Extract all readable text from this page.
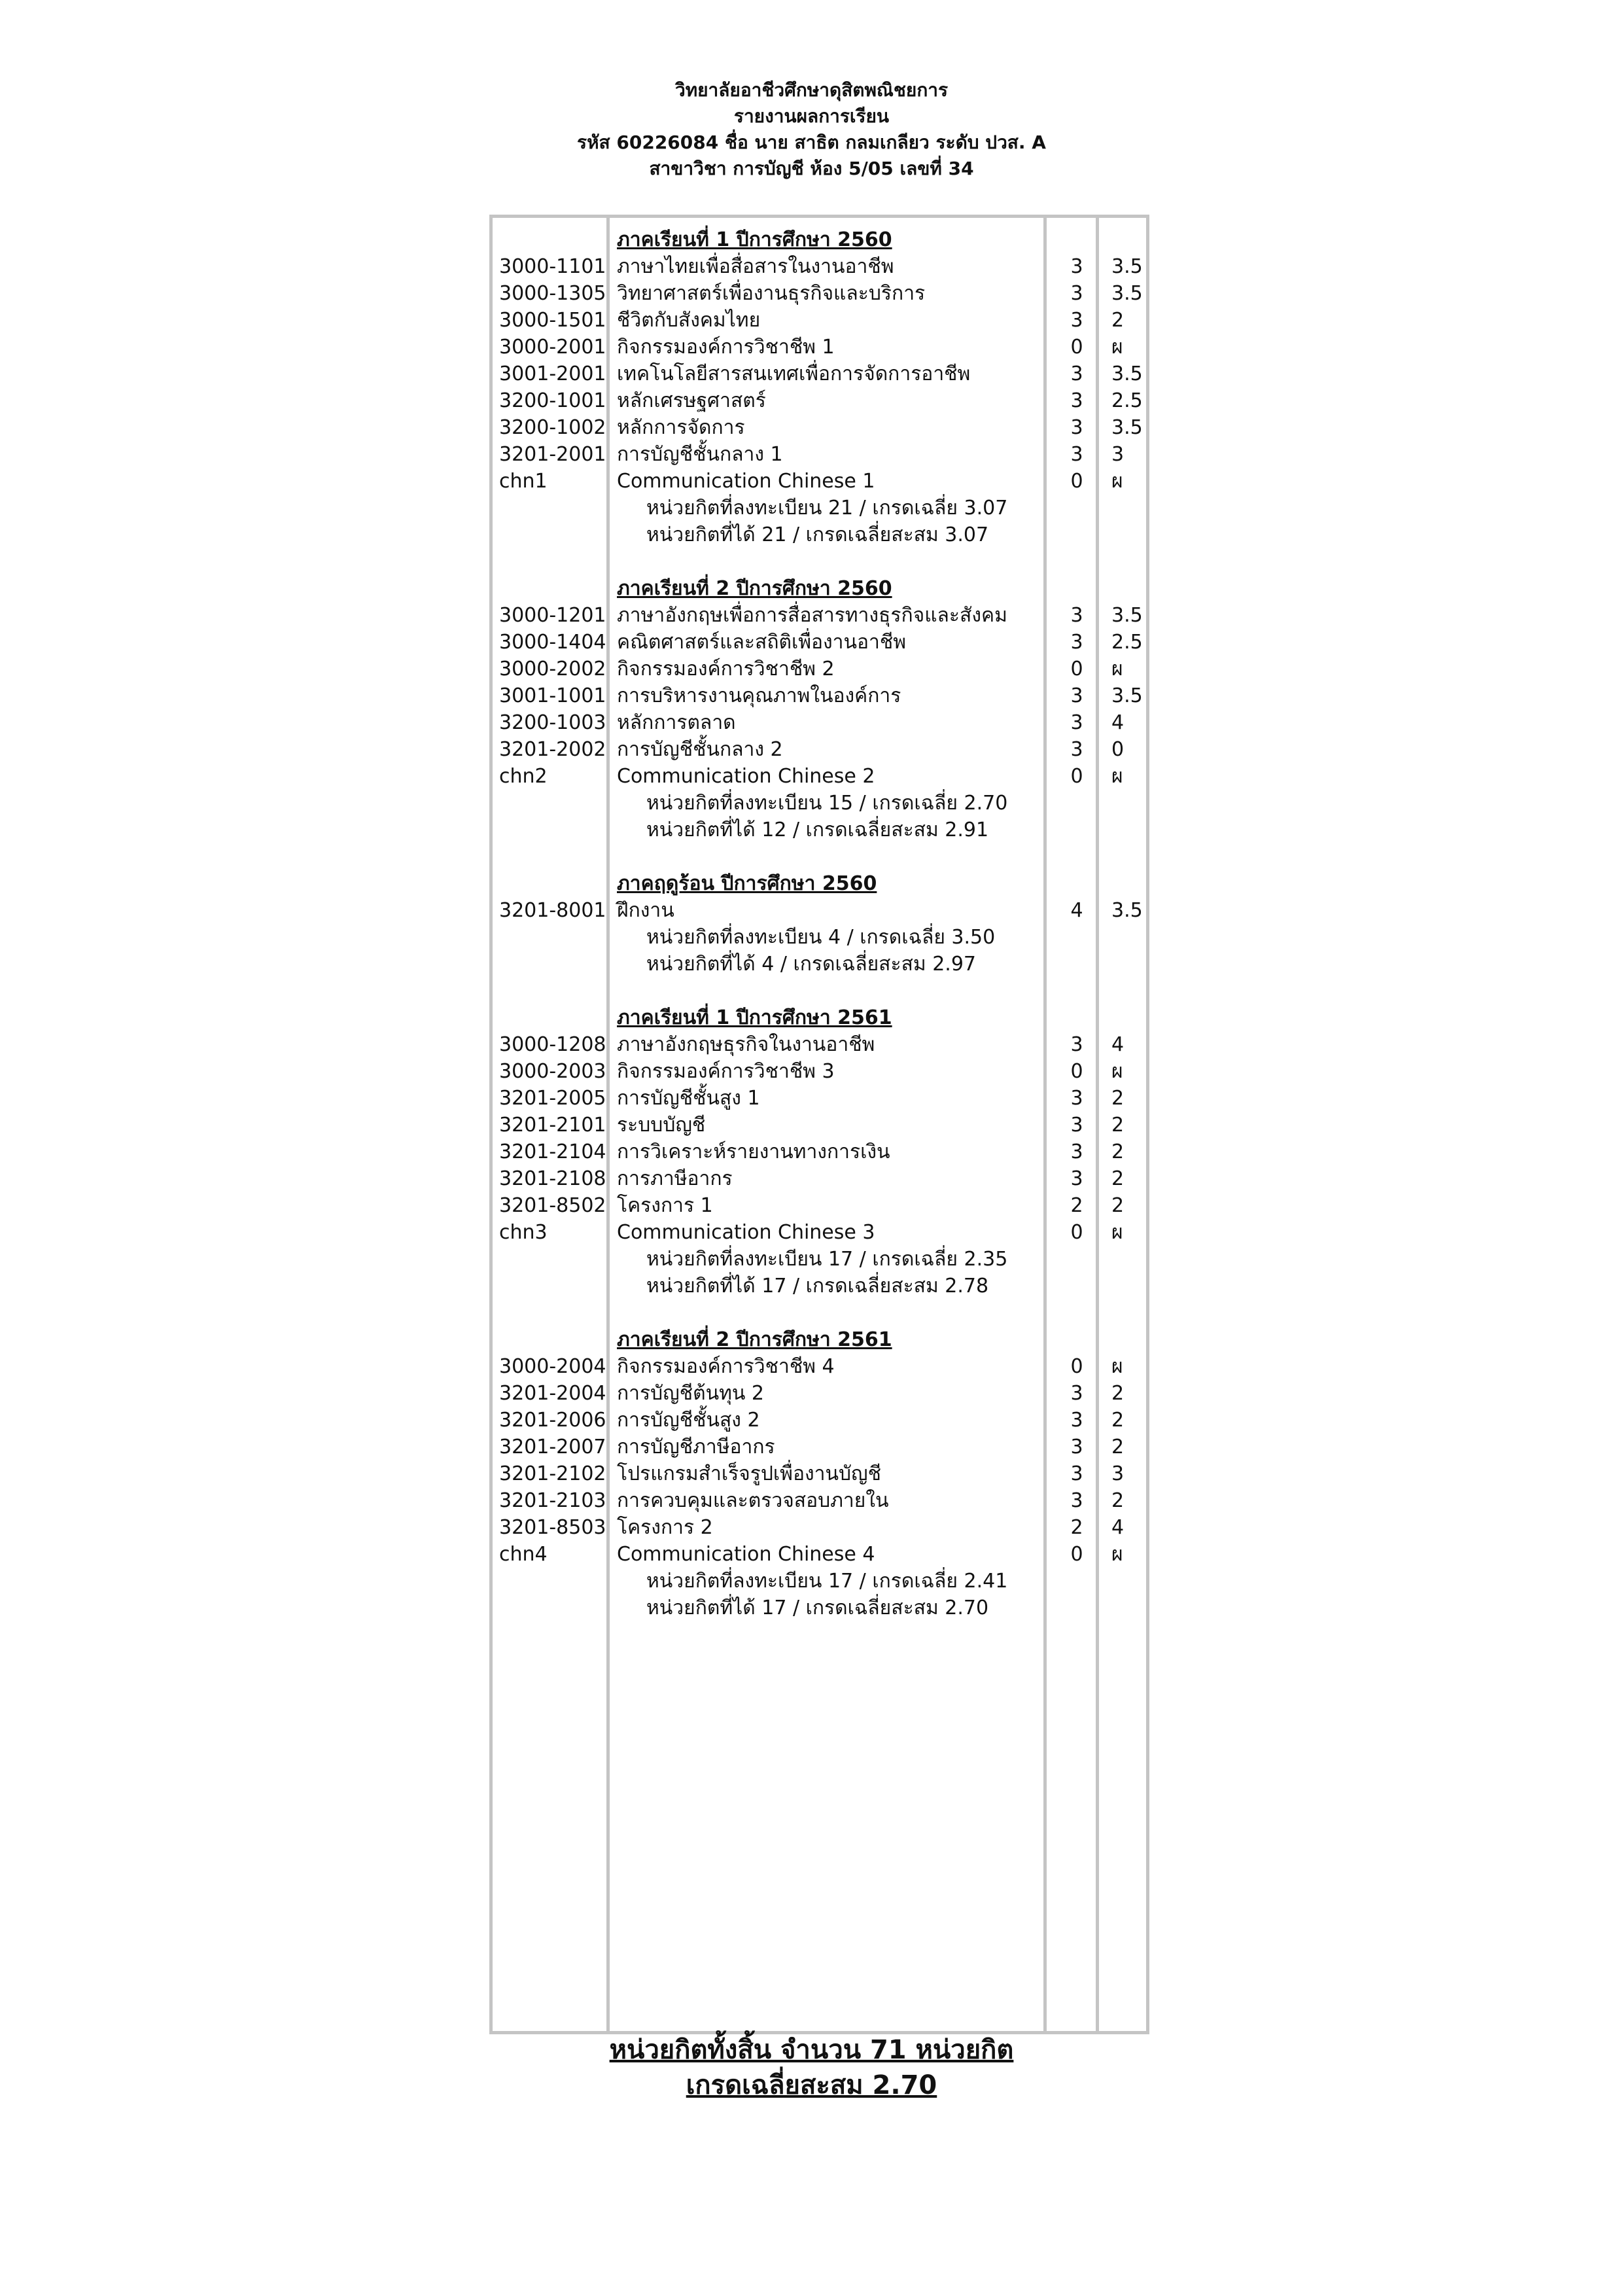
วิทยาลัยอาชีวศึกษาดุสิตพณิชยการ
รายงานผลการเรียน
รหัส 60226084 ชื่อ นาย สาธิต กลมเกลียว ระดับ ปวส. A
สาขาวิชา การบัญชี ห้อง 5/05 เลขที่ 34
ภาคเรียนที่ 1 ปีการศึกษา 2560
3000-1101 ภาษาไทยเพื่อสื่อสารในงานอาชีพ	3 3.5
3000-1305 วิทยาศาสตร์เพื่องานธุรกิจและบริการ	3 3.5
3000-1501 ชีวิตกับสังคมไทย	3 2
3000-2001 กิจกรรมองค์การวิชาชีพ 1	0 ผ
3001-2001 เทคโนโลยีสารสนเทศเพื่อการจัดการอาชีพ	3 3.5
3200-1001 หลักเศรษฐศาสตร์	3 2.5
3200-1002 หลักการจัดการ	3 3.5
3201-2001 การบัญชีชั้นกลาง 1	3 3
chn1	Communication Chinese 1	0 ผ
หน่วยกิตที่ลงทะเบียน 21 / เกรดเฉลี่ย 3.07
หน่วยกิตที่ได้ 21 / เกรดเฉลี่ยสะสม 3.07
ภาคเรียนที่ 2 ปีการศึกษา 2560
3000-1201 ภาษาอังกฤษเพื่อการสื่อสารทางธุรกิจและสังคม	3 3.5
3000-1404 คณิตศาสตร์และสถิติเพื่องานอาชีพ	3 2.5
3000-2002 กิจกรรมองค์การวิชาชีพ 2	0 ผ
3001-1001 การบริหารงานคุณภาพในองค์การ	3 3.5
3200-1003 หลักการตลาด	3 4
3201-2002 การบัญชีชั้นกลาง 2	3 0
chn2	Communication Chinese 2	0 ผ
หน่วยกิตที่ลงทะเบียน 15 / เกรดเฉลี่ย 2.70
หน่วยกิตที่ได้ 12 / เกรดเฉลี่ยสะสม 2.91
ภาคฤดูร้อน ปีการศึกษา 2560
3201-8001 ฝึกงาน	4 3.5
หน่วยกิตที่ลงทะเบียน 4 / เกรดเฉลี่ย 3.50
หน่วยกิตที่ได้ 4 / เกรดเฉลี่ยสะสม 2.97
ภาคเรียนที่ 1 ปีการศึกษา 2561
3000-1208 ภาษาอังกฤษธุรกิจในงานอาชีพ	3 4
3000-2003 กิจกรรมองค์การวิชาชีพ 3	0 ผ
3201-2005 การบัญชีชั้นสูง 1	3 2
3201-2101 ระบบบัญชี	3 2
3201-2104 การวิเคราะห์รายงานทางการเงิน	3 2
3201-2108 การภาษีอากร	3 2
3201-8502 โครงการ 1	2 2
chn3	Communication Chinese 3	0 ผ
หน่วยกิตที่ลงทะเบียน 17 / เกรดเฉลี่ย 2.35
หน่วยกิตที่ได้ 17 / เกรดเฉลี่ยสะสม 2.78
ภาคเรียนที่ 2 ปีการศึกษา 2561
3000-2004 กิจกรรมองค์การวิชาชีพ 4	0 ผ
3201-2004 การบัญชีต้นทุน 2	3 2
3201-2006 การบัญชีชั้นสูง 2	3 2
3201-2007 การบัญชีภาษีอากร	3 2
3201-2102 โปรแกรมสำเร็จรูปเพื่องานบัญชี	3 3
3201-2103 การควบคุมและตรวจสอบภายใน	3 2
3201-8503 โครงการ 2	2 4
chn4	Communication Chinese 4	0 ผ
หน่วยกิตที่ลงทะเบียน 17 / เกรดเฉลี่ย 2.41
หน่วยกิตที่ได้ 17 / เกรดเฉลี่ยสะสม 2.70
หน่วยกิตทั้งสิ้น จำนวน 71 หน่วยกิต
เกรดเฉลี่ยสะสม 2.70
